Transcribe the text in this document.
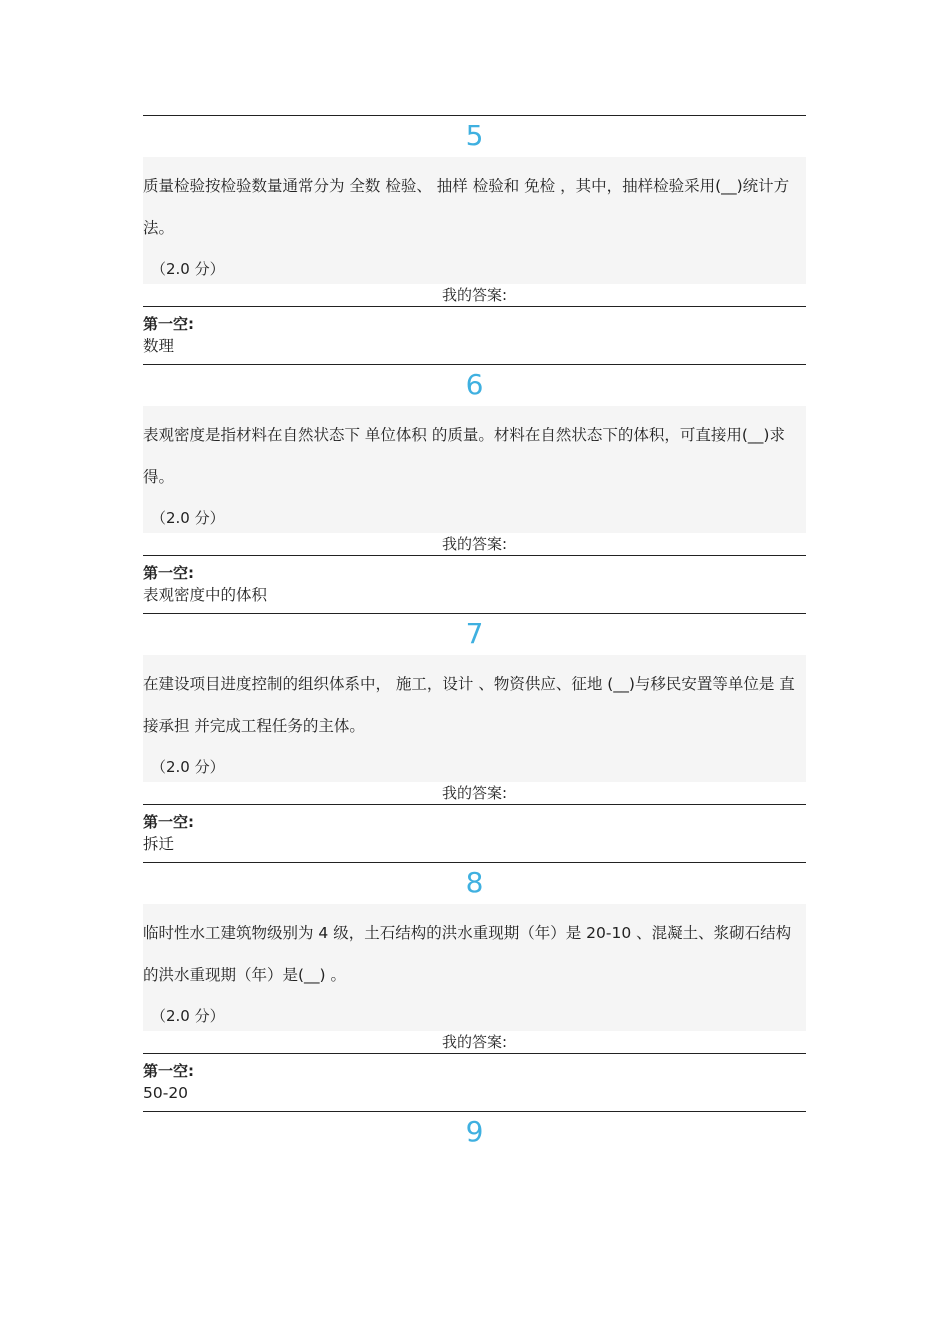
5
质量检验按检验数量通常分为 全数 检验、 抽样 检验和 免检 ，其中，抽样检验采用(__)统计方法。
（2.0 分）
我的答案:
第一空:
数理
6
表观密度是指材料在自然状态下 单位体积 的质量。材料在自然状态下的体积，可直接用(__)求得。
（2.0 分）
我的答案:
第一空:
表观密度中的体积
7
在建设项目进度控制的组织体系中， 施工，设计 、物资供应、征地 (__)与移民安置等单位是 直接承担 并完成工程任务的主体。
（2.0 分）
我的答案:
第一空:
拆迁
8
临时性水工建筑物级别为 4 级，土石结构的洪水重现期（年）是 20-10 、混凝土、浆砌石结构的洪水重现期（年）是(__) 。
（2.0 分）
我的答案:
第一空:
50-20
9
